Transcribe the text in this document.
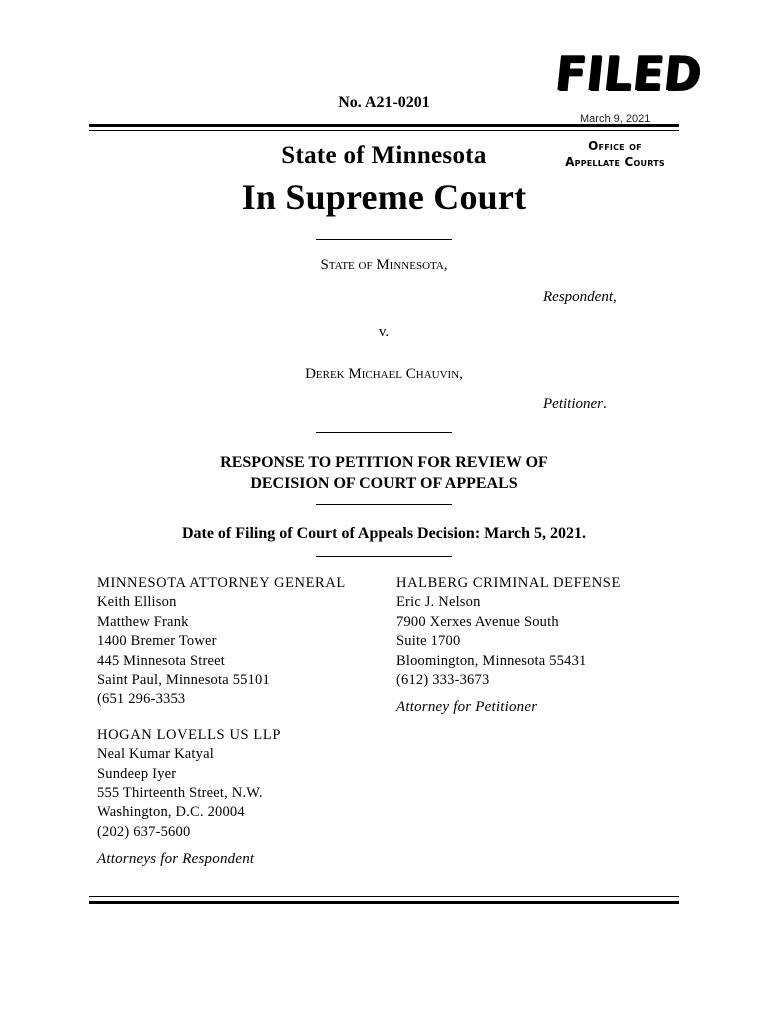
FILED
March 9, 2021
Office of
Appellate Courts
No. A21-0201
State of Minnesota
In Supreme Court
State of Minnesota,
Respondent,
v.
Derek Michael Chauvin,
Petitioner.
RESPONSE TO PETITION FOR REVIEW OF
DECISION OF COURT OF APPEALS
Date of Filing of Court of Appeals Decision: March 5, 2021.
MINNESOTA ATTORNEY GENERAL
Keith Ellison
Matthew Frank
1400 Bremer Tower
445 Minnesota Street
Saint Paul, Minnesota 55101
(651 296-3353
HOGAN LOVELLS US LLP
Neal Kumar Katyal
Sundeep Iyer
555 Thirteenth Street, N.W.
Washington, D.C. 20004
(202) 637-5600
Attorneys for Respondent
HALBERG CRIMINAL DEFENSE
Eric J. Nelson
7900 Xerxes Avenue South
Suite 1700
Bloomington, Minnesota 55431
(612) 333-3673
Attorney for Petitioner
